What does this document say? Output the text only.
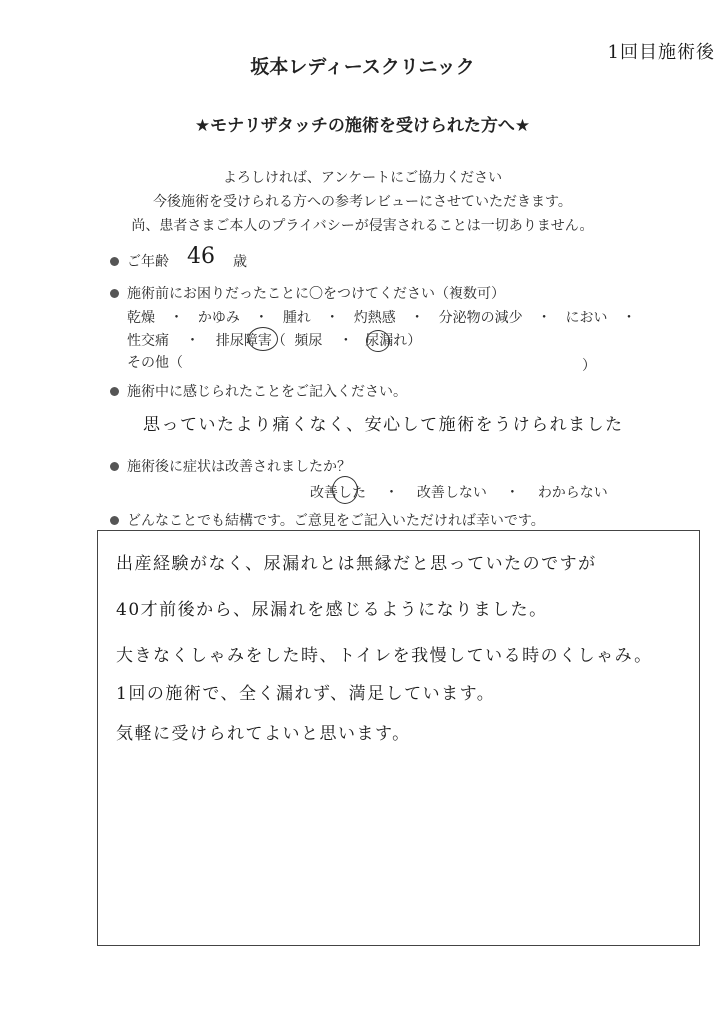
1回目施術後
坂本レディースクリニック
★モナリザタッチの施術を受けられた方へ★
よろしければ、アンケートにご協力ください
今後施術を受けられる方への参考レビューにさせていただきます。
尚、患者さまご本人のプライバシーが侵害されることは一切ありません。
ご年齢 46 歳
施術前にお困りだったことに〇をつけてください（複数可）
乾燥 ・ かゆみ ・ 腫れ ・ 灼熱感 ・ 分泌物の減少 ・ におい ・
性交痛 ・ 排尿障害（ 頻尿 ・ 尿漏れ）
その他（	）
施術中に感じられたことをご記入ください。
思っていたより痛くなく、安心して施術をうけられました
施術後に症状は改善されましたか？
改善した ・ 改善しない ・ わからない
どんなことでも結構です。ご意見をご記入いただければ幸いです。
出産経験がなく、尿漏れとは無縁だと思っていたのですが
40才前後から、尿漏れを感じるようになりました。
大きなくしゃみをした時、トイレを我慢している時のくしゃみ。
1回の施術で、全く漏れず、満足しています。
気軽に受けられてよいと思います。
